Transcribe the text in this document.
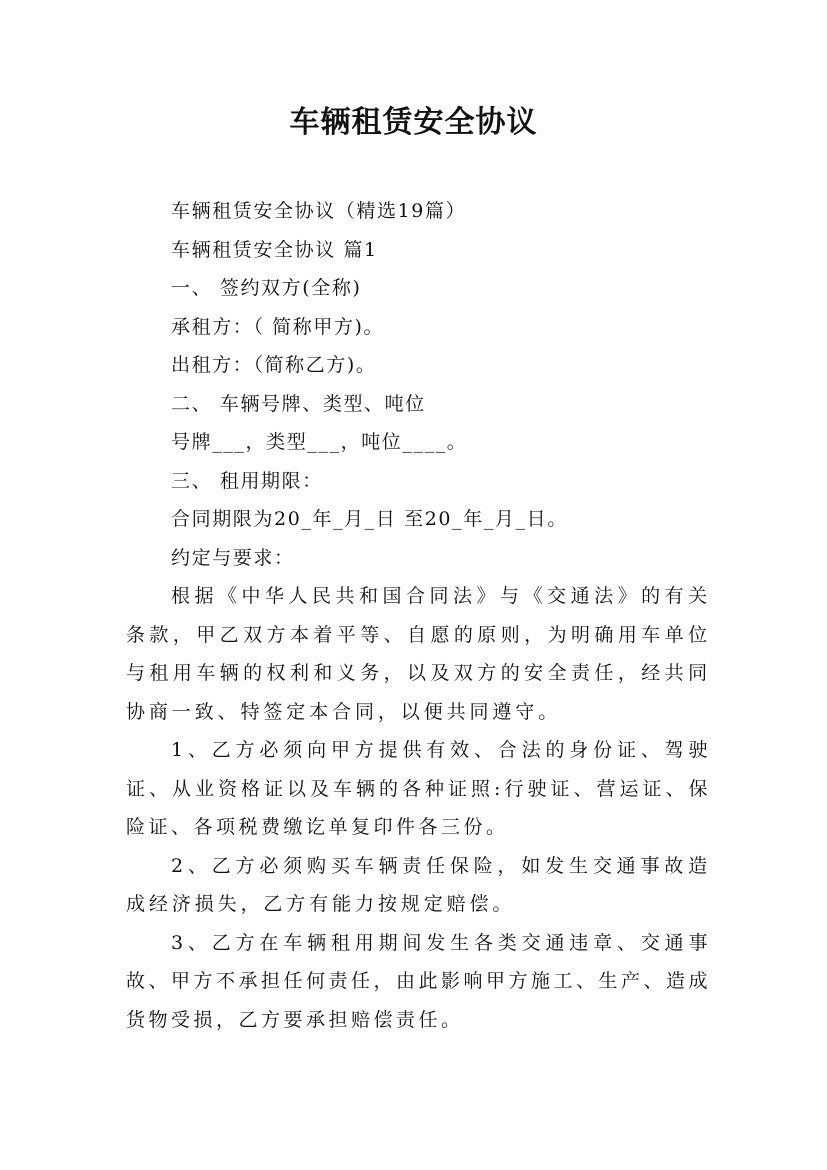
车辆租赁安全协议
车辆租赁安全协议（精选19篇）
车辆租赁安全协议 篇1
一、 签约双方(全称)
承租方：（ 简称甲方)。
出租方：（简称乙方)。
二、 车辆号牌、类型、吨位
号牌___，类型___，吨位____。
三、 租用期限：
合同期限为20_年_月_日 至20_年_月_日。
约定与要求：

根据《中华人民共和国合同法》与《交通法》的有关条款，甲乙双方本着平等、自愿的原则，为明确用车单位与租用车辆的权利和义务，以及双方的安全责任，经共同协商一致、特签定本合同，以便共同遵守。

1、乙方必须向甲方提供有效、合法的身份证、驾驶证、从业资格证以及车辆的各种证照:行驶证、营运证、保险证、各项税费缴讫单复印件各三份。

2、乙方必须购买车辆责任保险，如发生交通事故造成经济损失，乙方有能力按规定赔偿。

3、乙方在车辆租用期间发生各类交通违章、交通事故、甲方不承担任何责任，由此影响甲方施工、生产、造成货物受损，乙方要承担赔偿责任。
